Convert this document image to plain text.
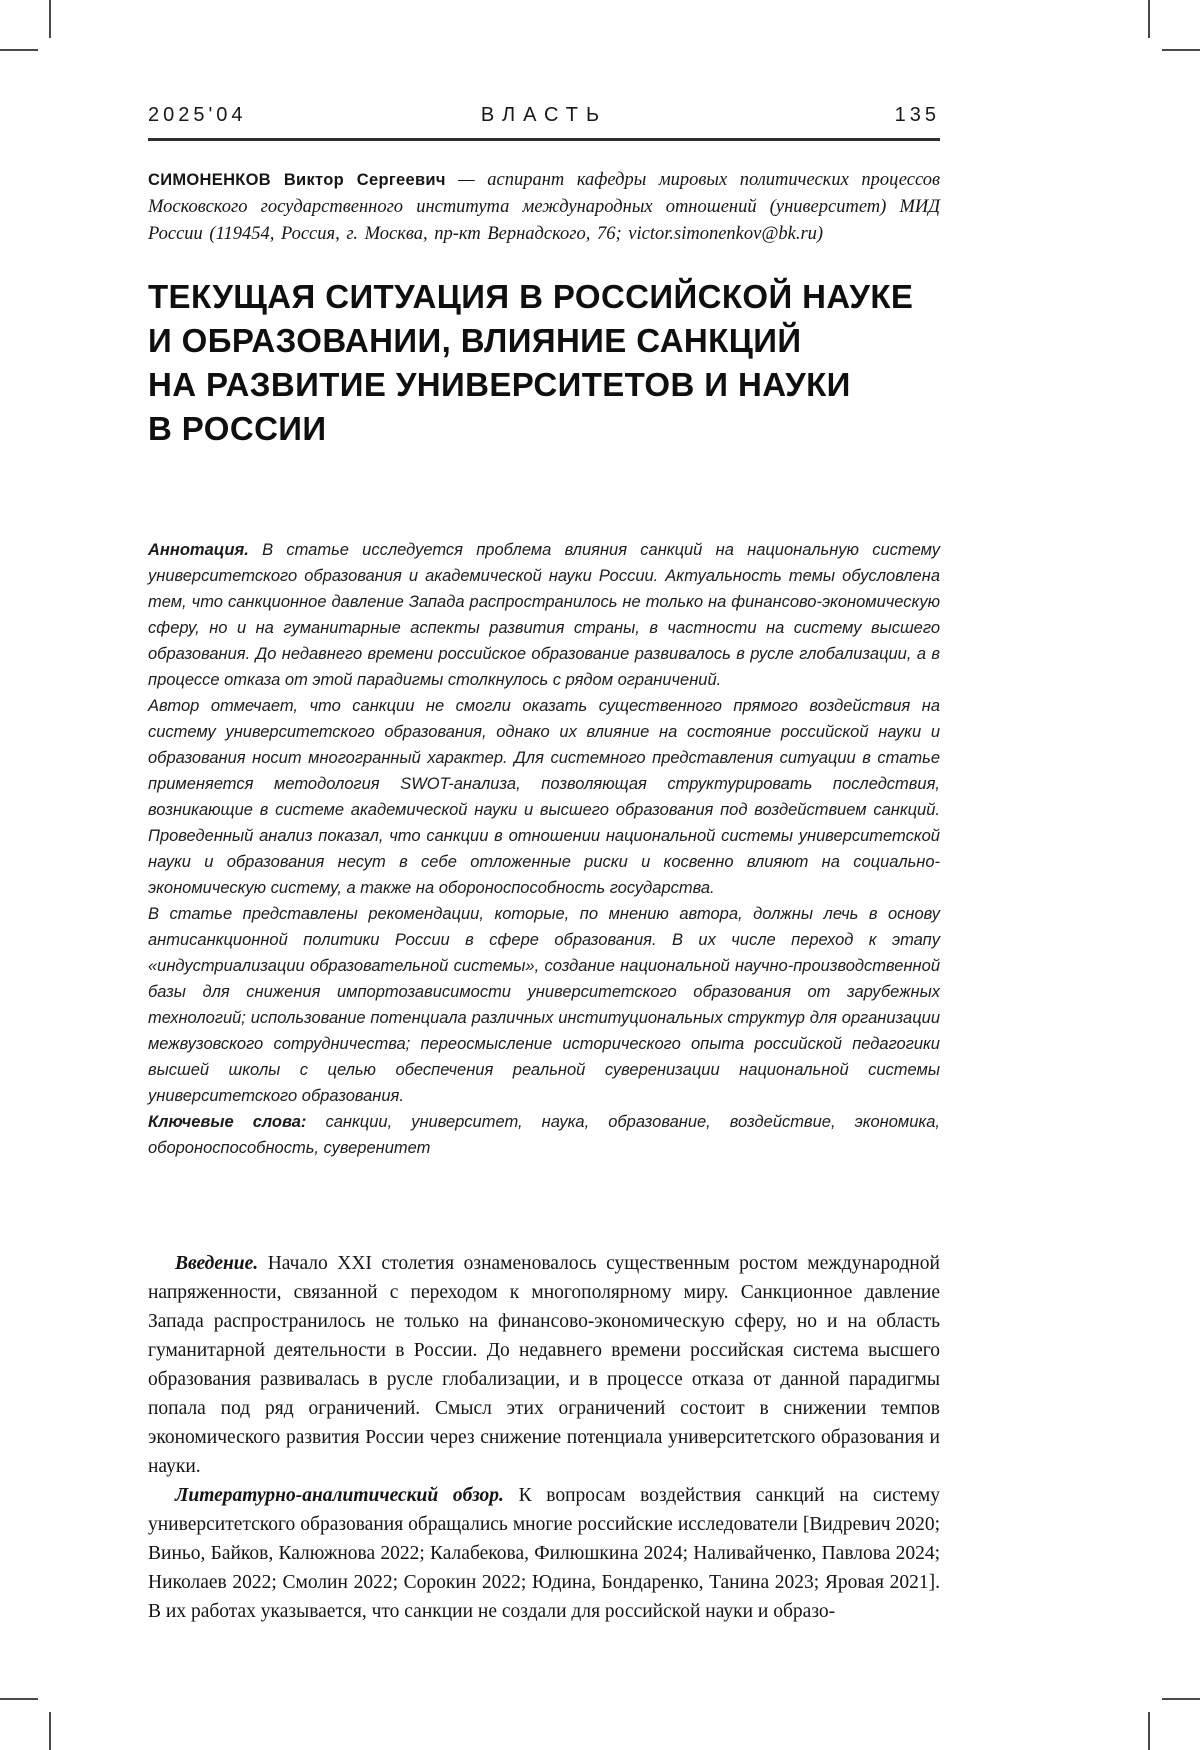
2025'04	ВЛАСТЬ	135

СИМОНЕНКОВ Виктор Сергеевич — аспирант кафедры мировых политических процессов Московского государственного института международных отношений (университет) МИД России (119454, Россия, г. Москва, пр-кт Вернадского, 76; victor.simonenkov@bk.ru)

ТЕКУЩАЯ СИТУАЦИЯ В РОССИЙСКОЙ НАУКЕ
И ОБРАЗОВАНИИ, ВЛИЯНИЕ САНКЦИЙ
НА РАЗВИТИЕ УНИВЕРСИТЕТОВ И НАУКИ
В РОССИИ

Аннотация. В статье исследуется проблема влияния санкций на национальную систему университетского образования и академической науки России. Актуальность темы обусловлена тем, что санкционное давление Запада распространилось не только на финансово-экономическую сферу, но и на гуманитарные аспекты развития страны, в частности на систему высшего образования. До недавнего времени российское образование развивалось в русле глобализации, а в процессе отказа от этой парадигмы столкнулось с рядом ограничений.

Автор отмечает, что санкции не смогли оказать существенного прямого воздействия на систему университетского образования, однако их влияние на состояние российской науки и образования носит многогранный характер. Для системного представления ситуации в статье применяется методология SWOT-анализа, позволяющая структурировать последствия, возникающие в системе академической науки и высшего образования под воздействием санкций. Проведенный анализ показал, что санкции в отношении национальной системы университетской науки и образования несут в себе отложенные риски и косвенно влияют на социально-экономическую систему, а также на обороноспособность государства.

В статье представлены рекомендации, которые, по мнению автора, должны лечь в основу антисанкционной политики России в сфере образования. В их числе переход к этапу «индустриализации образовательной системы», создание национальной научно-производственной базы для снижения импортозависимости университетского образования от зарубежных технологий; использование потенциала различных институциональных структур для организации межвузовского сотрудничества; переосмысление исторического опыта российской педагогики высшей школы с целью обеспечения реальной суверенизации национальной системы университетского образования.

Ключевые слова: санкции, университет, наука, образование, воздействие, экономика, обороноспособность, суверенитет

Введение. Начало XXI столетия ознаменовалось существенным ростом международной напряженности, связанной с переходом к многополярному миру. Санкционное давление Запада распространилось не только на финансово-экономическую сферу, но и на область гуманитарной деятельности в России. До недавнего времени российская система высшего образования развивалась в русле глобализации, и в процессе отказа от данной парадигмы попала под ряд ограничений. Смысл этих ограничений состоит в снижении темпов экономического развития России через снижение потенциала университетского образования и науки.

Литературно-аналитический обзор. К вопросам воздействия санкций на систему университетского образования обращались многие российские исследователи [Видревич 2020; Виньо, Байков, Калюжнова 2022; Калабекова, Филюшкина 2024; Наливайченко, Павлова 2024; Николаев 2022; Смолин 2022; Сорокин 2022; Юдина, Бондаренко, Танина 2023; Яровая 2021]. В их работах указывается, что санкции не создали для российской науки и образо-
